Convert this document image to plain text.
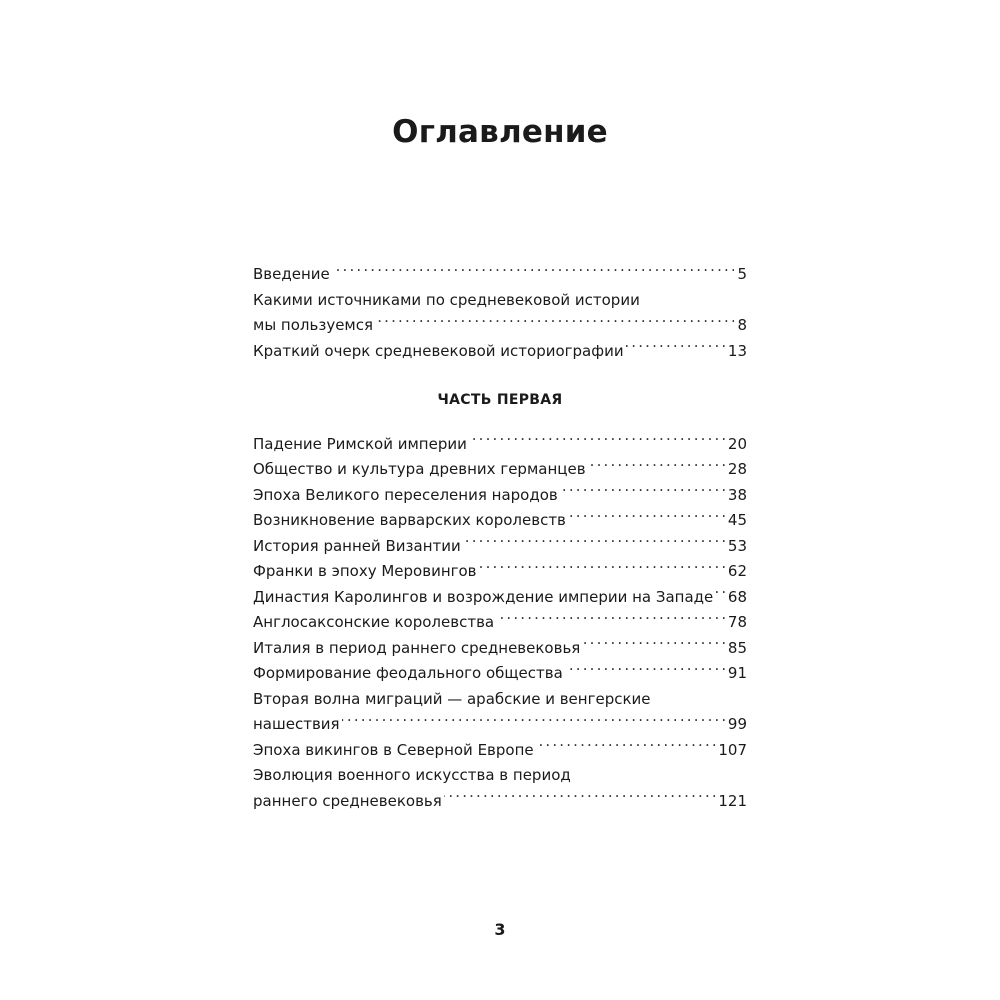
Оглавление
Введение . . .	5
Какими источниками по средневековой истории
мы пользуемся . . .	8
Краткий очерк средневековой историографии . . .	13
ЧАСТЬ ПЕРВАЯ
Падение Римской империи . . .	20
Общество и культура древних германцев . . .	28
Эпоха Великого переселения народов . . .	38
Возникновение варварских королевств . . .	45
История ранней Византии . . .	53
Франки в эпоху Меровингов . . .	62
Династия Каролингов и возрождение империи на Западе . . . 68
Англосаксонские королевства . . .	78
Италия в период раннего средневековья . . .	85
Формирование феодального общества . . .	91
Вторая волна миграций — арабские и венгерские
нашествия . . .	99
Эпоха викингов в Северной Европе . . .	107
Эволюция военного искусства в период
раннего средневековья . . .	121
3
